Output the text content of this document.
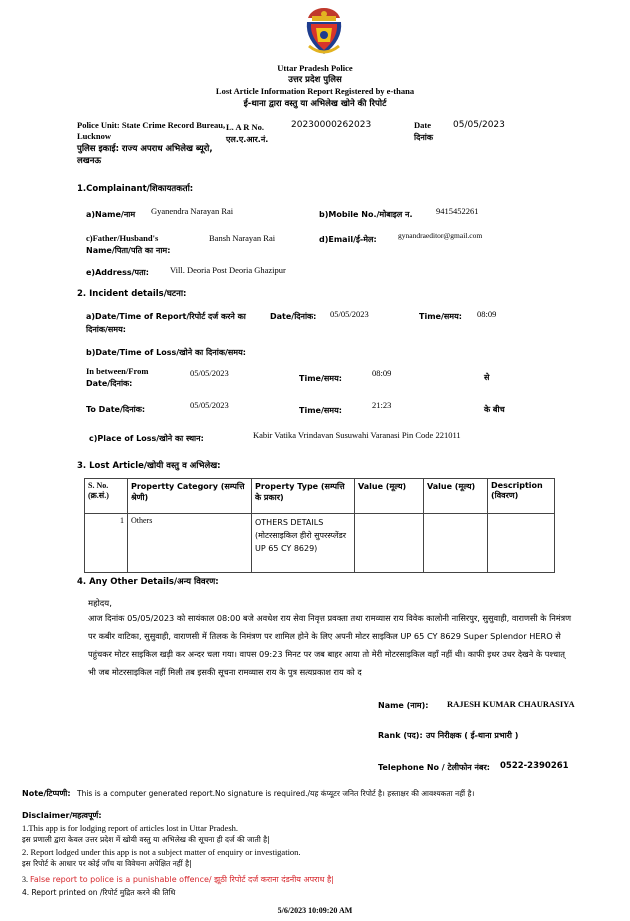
Uttar Pradesh Police
उत्तर प्रदेश पुलिस
Lost Article Information Report Registered by e-thana
ई-थाना द्वारा वस्तु या अभिलेख खोने की रिपोर्ट
Police Unit: State Crime Record Bureau, Lucknow
पुलिस इकाई: राज्य अपराध अभिलेख ब्यूरो, लखनऊ
L. A R No.
एल.ए.आर.नं.
20230000262023	Date
दिनांक
05/05/2023
1.Complainant/शिकायतकर्ता:
a)Name/नाम Gyanendra Narayan Rai	b)Mobile No./मोबाइल न.	9415452261
c)Father/Husband's
Name/पिता/पति का नाम:
Bansh Narayan Rai	d)Email/ई-मेल:	gynandraeditor@gmail.com
e)Address/पता: Vill. Deoria Post Deoria Ghazipur
2. Incident details/घटना:
a)Date/Time of Report/रिपोर्ट दर्ज करने का
दिनांक/समय:
Date/दिनांक: 05/05/2023	Time/समय: 08:09
b)Date/Time of Loss/खोने का दिनांक/समय:
In between/From
Date/दिनांक:
05/05/2023
Time/समय:
08:09	से
To Date/दिनांक:	05/05/2023
Time/समय:
21:23	के बीच
c)Place of Loss/खोने का स्थान:	Kabir Vatika Vrindavan Susuwahi Varanasi Pin Code 221011
3. Lost Article/खोयी वस्तु व अभिलेख:
S. No. (क्र.सं.)	Propertty Category (सम्पत्ति श्रेणी)	Property Type (सम्पत्ति के प्रकार)	Value (मूल्य)	Value (मूल्य)	Description (विवरण)
1	Others	OTHERS DETAILS (मोटरसाइकिल हीरो सुपरस्प्लेंडर UP 65 CY 8629)			
4. Any Other Details/अन्य विवरण:
महोदय,
आज दिनांक 05/05/2023 को सायंकाल 08:00 बजे अवधेश राय सेवा निवृत्त प्रवक्ता तथा रामव्यास राय विवेक कालोनी नासिरपुर, सुसुवाही, वाराणसी के निमंत्रण पर कबीर वाटिका, सुसुवाही, वाराणसी में तिलक के निमंत्रण पर शामिल होने के लिए अपनी मोटर साइकिल UP 65 CY 8629 Super Splendor HERO से पहुंचकर मोटर साइकिल खड़ी कर अन्दर चला गया। वापस 09:23 मिनट पर जब बाहर आया तो मेरी मोटरसाइकिल वहाँ नहीं थी। काफी इधर उधर देखने के पश्चात् भी जब मोटरसाइकिल नहीं मिली तब इसकी सूचना रामव्यास राय के पुत्र सत्यप्रकाश राय को द
Name (नाम): RAJESH KUMAR CHAURASIYA
Rank (पद): उप निरीक्षक ( ई-थाना प्रभारी )
Telephone No / टेलीफोन नंबर: 0522-2390261
Note/टिप्पणी: This is a computer generated report.No signature is required./यह कंप्यूटर जनित रिपोर्ट है। हस्ताक्षर की आवश्यकता नहीं है।
Disclaimer/महत्वपूर्ण:
1.This app is for lodging report of articles lost in Uttar Pradesh.
इस प्रणाली द्वारा केवल उत्तर प्रदेश में खोयी वस्तु या अभिलेख की सूचना ही दर्ज की जाती है|
2. Report lodged under this app is not a subject matter of enquiry or investigation.
इस रिपोर्ट के आधार पर कोई जाँच या विवेचना अपेक्षित नहीं है|
3. False report to police is a punishable offence/ झूठी रिपोर्ट दर्ज कराना दंडनीय अपराध है|
4. Report printed on /रिपोर्ट मुद्रित करने की तिथि
5/6/2023 10:09:20 AM
